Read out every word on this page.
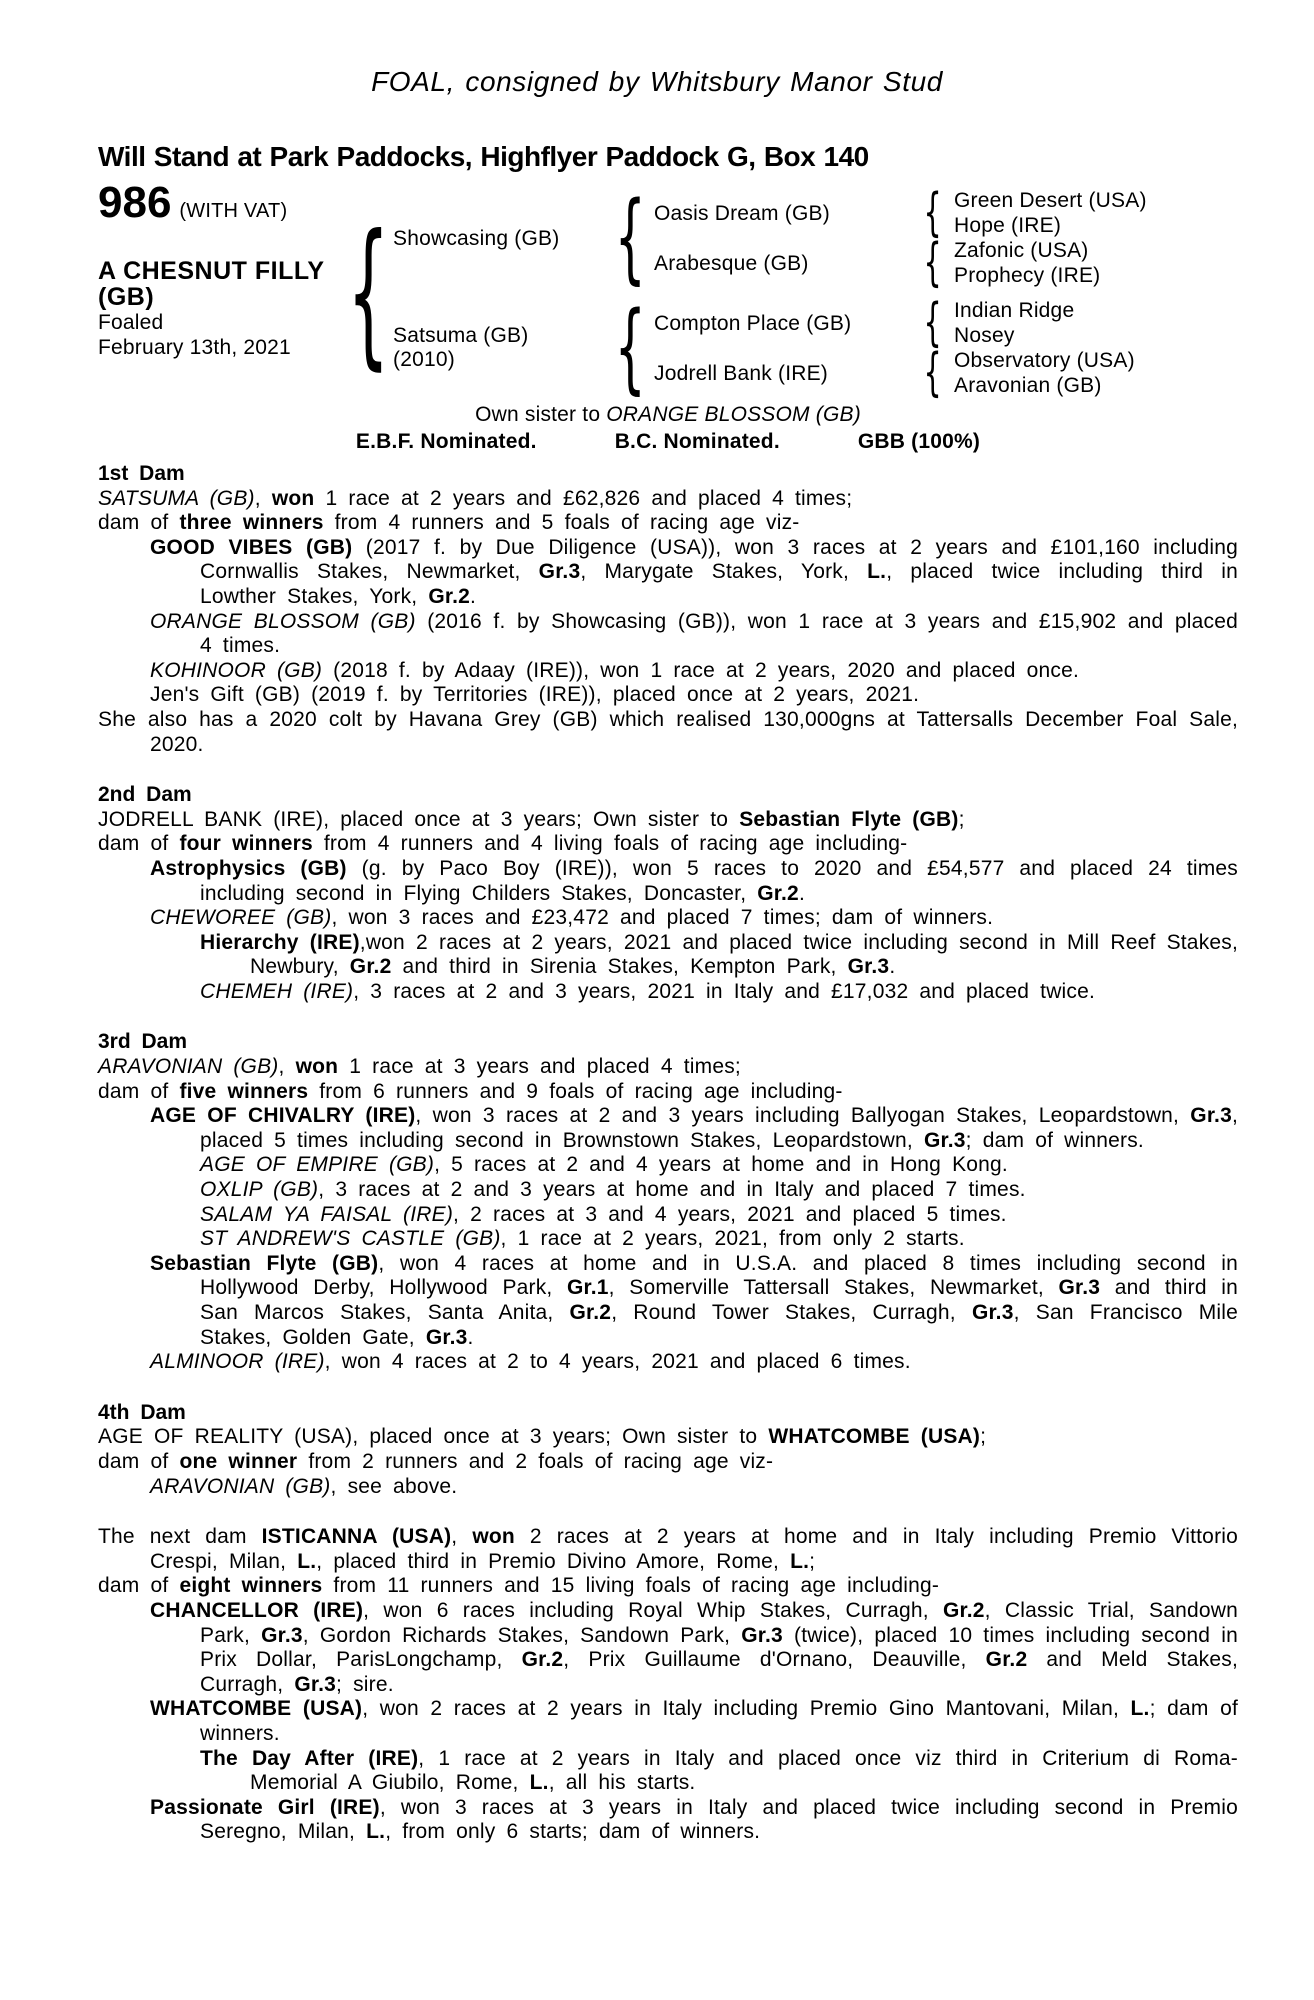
FOAL, consigned by Whitsbury Manor Stud
Will Stand at Park Paddocks, Highflyer Paddock G, Box 140
986 (WITH VAT)
A CHESNUT FILLY
(GB)
Foaled
February 13th, 2021 { Showcasing (GB)
Satsuma (GB)
(2010)
{
{
Oasis Dream (GB)
Arabesque (GB)
Compton Place (GB)
Jodrell Bank (IRE)
{
{
{
{
Green Desert (USA)
Hope (IRE)
Zafonic (USA)
Prophecy (IRE)
Indian Ridge
Nosey
Observatory (USA)
Aravonian (GB)
Own sister to ORANGE BLOSSOM (GB)
E.B.F. Nominated.	B.C. Nominated.	GBB (100%)
1st Dam

SATSUMA (GB), won 1 race at 2 years and £62,826 and placed 4 times;

dam of three winners from 4 runners and 5 foals of racing age viz-

GOOD VIBES (GB) (2017 f. by Due Diligence (USA)), won 3 races at 2 years and £101,160 including Cornwallis Stakes, Newmarket, Gr.3, Marygate Stakes, York, L., placed twice including third in Lowther Stakes, York, Gr.2.

ORANGE BLOSSOM (GB) (2016 f. by Showcasing (GB)), won 1 race at 3 years and £15,902 and placed 4 times.

KOHINOOR (GB) (2018 f. by Adaay (IRE)), won 1 race at 2 years, 2020 and placed once.

Jen's Gift (GB) (2019 f. by Territories (IRE)), placed once at 2 years, 2021.

She also has a 2020 colt by Havana Grey (GB) which realised 130,000gns at Tattersalls December Foal Sale, 2020.

2nd Dam

JODRELL BANK (IRE), placed once at 3 years; Own sister to Sebastian Flyte (GB);

dam of four winners from 4 runners and 4 living foals of racing age including-

Astrophysics (GB) (g. by Paco Boy (IRE)), won 5 races to 2020 and £54,577 and placed 24 times including second in Flying Childers Stakes, Doncaster, Gr.2.

CHEWOREE (GB), won 3 races and £23,472 and placed 7 times; dam of winners.

Hierarchy (IRE),won 2 races at 2 years, 2021 and placed twice including second in Mill Reef Stakes, Newbury, Gr.2 and third in Sirenia Stakes, Kempton Park, Gr.3.

CHEMEH (IRE), 3 races at 2 and 3 years, 2021 in Italy and £17,032 and placed twice.

3rd Dam

ARAVONIAN (GB), won 1 race at 3 years and placed 4 times;

dam of five winners from 6 runners and 9 foals of racing age including-

AGE OF CHIVALRY (IRE), won 3 races at 2 and 3 years including Ballyogan Stakes, Leopardstown, Gr.3, placed 5 times including second in Brownstown Stakes, Leopardstown, Gr.3; dam of winners.

AGE OF EMPIRE (GB), 5 races at 2 and 4 years at home and in Hong Kong.

OXLIP (GB), 3 races at 2 and 3 years at home and in Italy and placed 7 times.

SALAM YA FAISAL (IRE), 2 races at 3 and 4 years, 2021 and placed 5 times.

ST ANDREW'S CASTLE (GB), 1 race at 2 years, 2021, from only 2 starts.

Sebastian Flyte (GB), won 4 races at home and in U.S.A. and placed 8 times including second in Hollywood Derby, Hollywood Park, Gr.1, Somerville Tattersall Stakes, Newmarket, Gr.3 and third in San Marcos Stakes, Santa Anita, Gr.2, Round Tower Stakes, Curragh, Gr.3, San Francisco Mile Stakes, Golden Gate, Gr.3.

ALMINOOR (IRE), won 4 races at 2 to 4 years, 2021 and placed 6 times.

4th Dam

AGE OF REALITY (USA), placed once at 3 years; Own sister to WHATCOMBE (USA);

dam of one winner from 2 runners and 2 foals of racing age viz-

ARAVONIAN (GB), see above.

The next dam ISTICANNA (USA), won 2 races at 2 years at home and in Italy including Premio Vittorio Crespi, Milan, L., placed third in Premio Divino Amore, Rome, L.;

dam of eight winners from 11 runners and 15 living foals of racing age including-

CHANCELLOR (IRE), won 6 races including Royal Whip Stakes, Curragh, Gr.2, Classic Trial, Sandown Park, Gr.3, Gordon Richards Stakes, Sandown Park, Gr.3 (twice), placed 10 times including second in Prix Dollar, ParisLongchamp, Gr.2, Prix Guillaume d'Ornano, Deauville, Gr.2 and Meld Stakes, Curragh, Gr.3; sire.

WHATCOMBE (USA), won 2 races at 2 years in Italy including Premio Gino Mantovani, Milan, L.; dam of winners.

The Day After (IRE), 1 race at 2 years in Italy and placed once viz third in Criterium di Roma-Memorial A Giubilo, Rome, L., all his starts.

Passionate Girl (IRE), won 3 races at 3 years in Italy and placed twice including second in Premio Seregno, Milan, L., from only 6 starts; dam of winners.
